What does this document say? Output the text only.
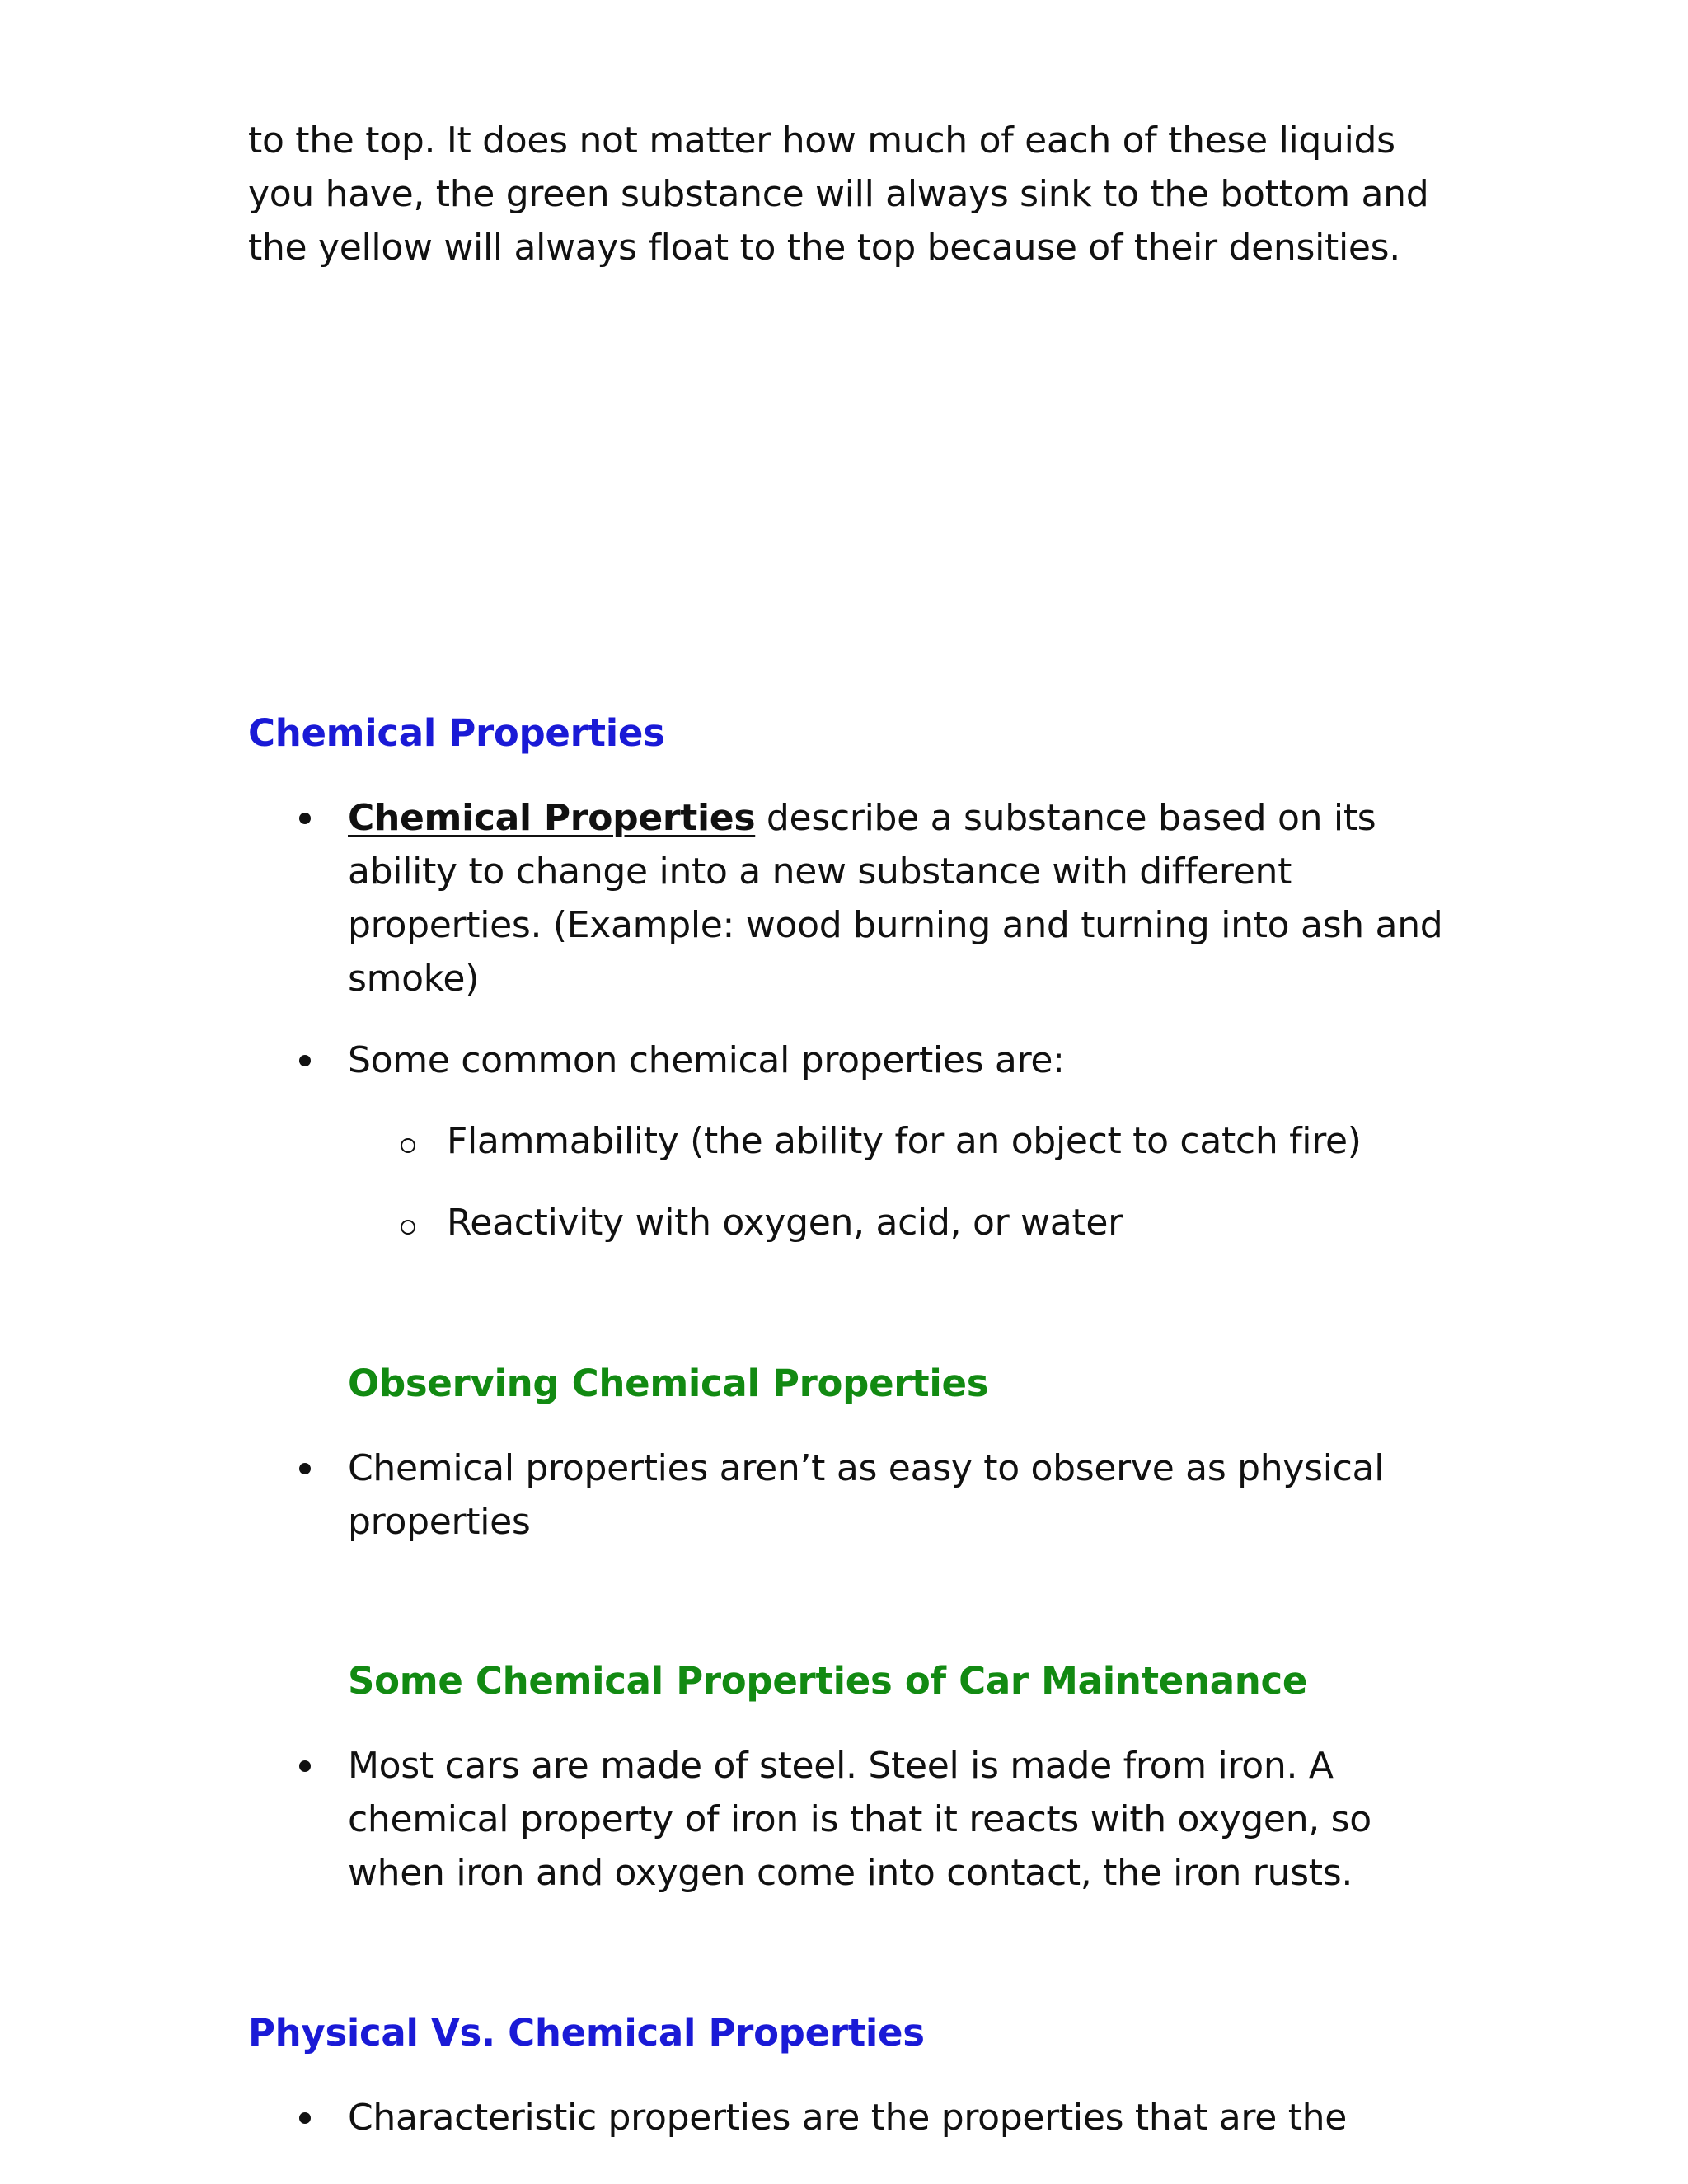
to the top. It does not matter how much of each of these liquids
you have, the green substance will always sink to the bottom and
the yellow will always float to the top because of their densities.
Chemical Properties
Chemical Properties describe a substance based on its
ability to change into a new substance with different
properties. (Example: wood burning and turning into ash and
smoke)
Some common chemical properties are:
Flammability (the ability for an object to catch fire)
Reactivity with oxygen, acid, or water
Observing Chemical Properties
Chemical properties aren’t as easy to observe as physical
properties
Some Chemical Properties of Car Maintenance
Most cars are made of steel. Steel is made from iron. A
chemical property of iron is that it reacts with oxygen, so
when iron and oxygen come into contact, the iron rusts.
Physical Vs. Chemical Properties
Characteristic properties are the properties that are the
